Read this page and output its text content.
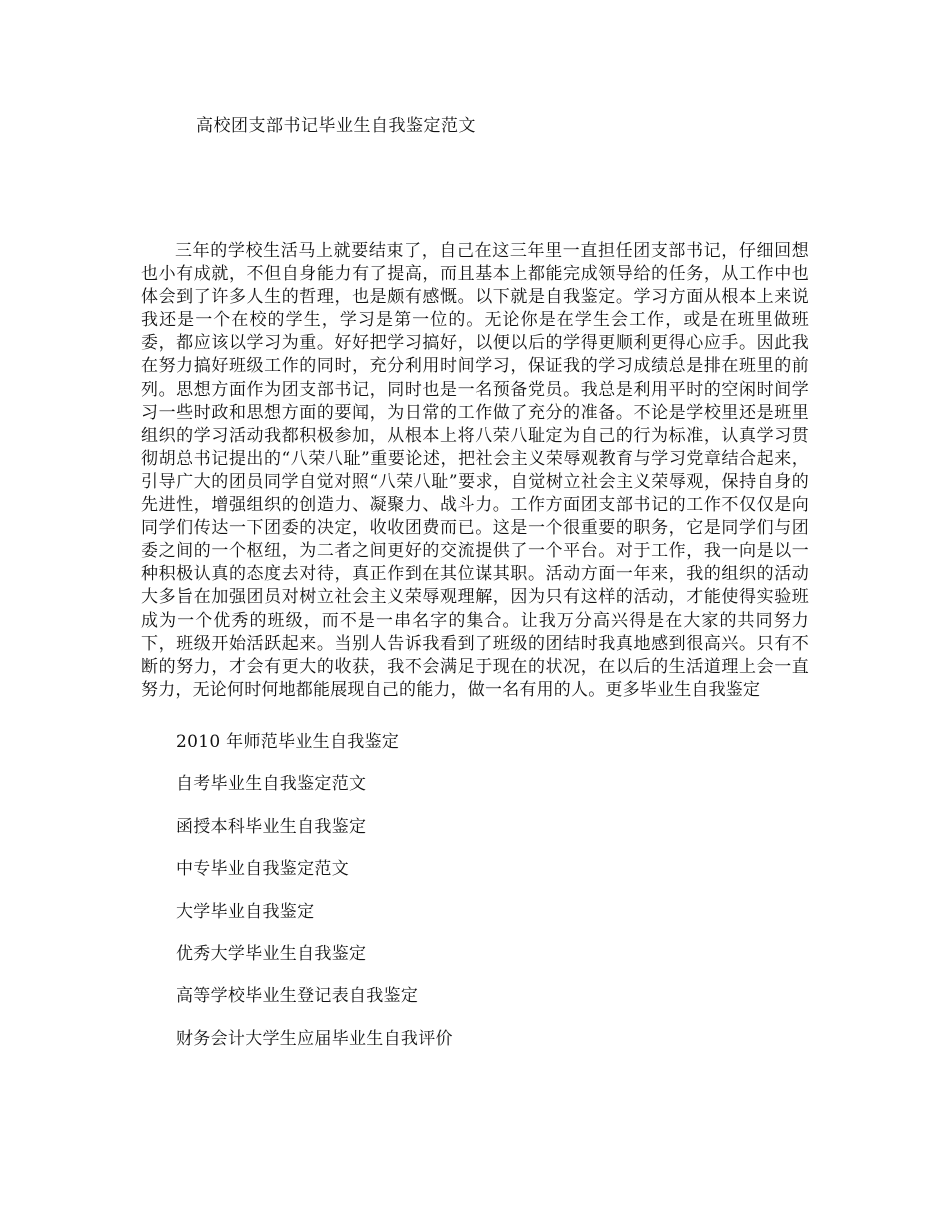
高校团支部书记毕业生自我鉴定范文

三年的学校生活马上就要结束了，自己在这三年里一直担任团支部书记，仔细回想也小有成就，不但自身能力有了提高，而且基本上都能完成领导给的任务，从工作中也体会到了许多人生的哲理，也是颇有感慨。以下就是自我鉴定。学习方面从根本上来说我还是一个在校的学生，学习是第一位的。无论你是在学生会工作，或是在班里做班委，都应该以学习为重。好好把学习搞好，以便以后的学得更顺利更得心应手。因此我在努力搞好班级工作的同时，充分利用时间学习，保证我的学习成绩总是排在班里的前列。思想方面作为团支部书记，同时也是一名预备党员。我总是利用平时的空闲时间学习一些时政和思想方面的要闻，为日常的工作做了充分的准备。不论是学校里还是班里组织的学习活动我都积极参加，从根本上将八荣八耻定为自己的行为标准，认真学习贯彻胡总书记提出的“八荣八耻”重要论述，把社会主义荣辱观教育与学习党章结合起来，引导广大的团员同学自觉对照“八荣八耻”要求，自觉树立社会主义荣辱观，保持自身的先进性，增强组织的创造力、凝聚力、战斗力。工作方面团支部书记的工作不仅仅是向同学们传达一下团委的决定，收收团费而已。这是一个很重要的职务，它是同学们与团委之间的一个枢纽，为二者之间更好的交流提供了一个平台。对于工作，我一向是以一种积极认真的态度去对待，真正作到在其位谋其职。活动方面一年来，我的组织的活动大多旨在加强团员对树立社会主义荣辱观理解，因为只有这样的活动，才能使得实验班成为一个优秀的班级，而不是一串名字的集合。让我万分高兴得是在大家的共同努力下，班级开始活跃起来。当别人告诉我看到了班级的团结时我真地感到很高兴。只有不断的努力，才会有更大的收获，我不会满足于现在的状况，在以后的生活道理上会一直努力，无论何时何地都能展现自己的能力，做一名有用的人。更多毕业生自我鉴定

2010 年师范毕业生自我鉴定
自考毕业生自我鉴定范文
函授本科毕业生自我鉴定
中专毕业自我鉴定范文
大学毕业自我鉴定
优秀大学毕业生自我鉴定
高等学校毕业生登记表自我鉴定
财务会计大学生应届毕业生自我评价
